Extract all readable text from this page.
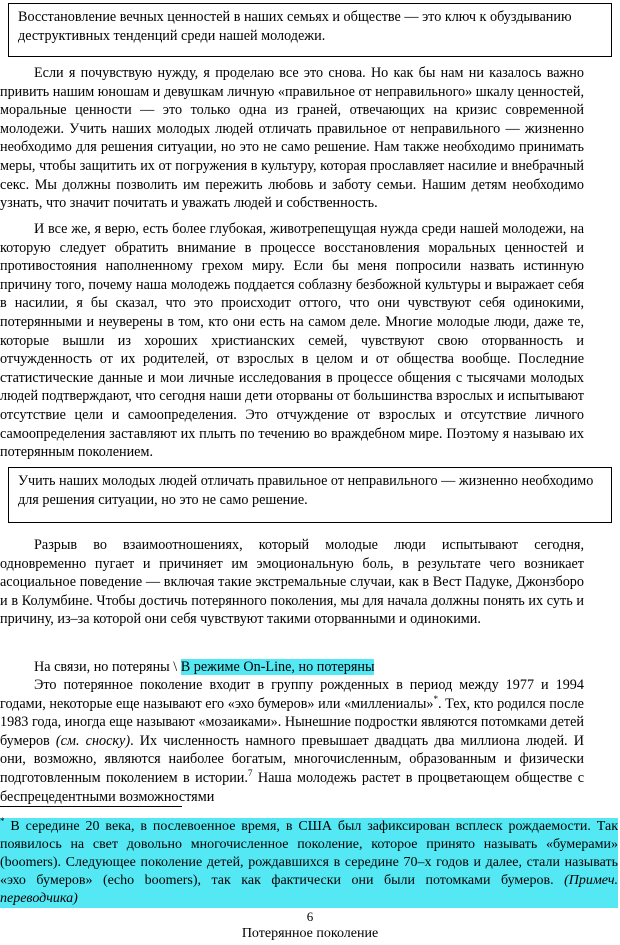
Восстановление вечных ценностей в наших семьях и обществе — это ключ к обуздыванию деструктивных тенденций среди нашей молодежи.

Если я почувствую нужду, я проделаю все это снова. Но как бы нам ни казалось важно привить нашим юношам и девушкам личную «правильное от неправильного» шкалу ценностей, моральные ценности — это только одна из граней, отвечающих на кризис современной молодежи. Учить наших молодых людей отличать правильное от неправильного — жизненно необходимо для решения ситуации, но это не само решение. Нам также необходимо принимать меры, чтобы защитить их от погружения в культуру, которая прославляет насилие и внебрачный секс. Мы должны позволить им пережить любовь и заботу семьи. Нашим детям необходимо узнать, что значит почитать и уважать людей и собственность.

И все же, я верю, есть более глубокая, животрепещущая нужда среди нашей молодежи, на которую следует обратить внимание в процессе восстановления моральных ценностей и противостояния наполненному грехом миру. Если бы меня попросили назвать истинную причину того, почему наша молодежь поддается соблазну безбожной культуры и выражает себя в насилии, я бы сказал, что это происходит оттого, что они чувствуют себя одинокими, потерянными и неуверены в том, кто они есть на самом деле. Многие молодые люди, даже те, которые вышли из хороших христианских семей, чувствуют свою оторванность и отчужденность от их родителей, от взрослых в целом и от общества вообще. Последние статистические данные и мои личные исследования в процессе общения с тысячами молодых людей подтверждают, что сегодня наши дети оторваны от большинства взрослых и испытывают отсутствие цели и самоопределения. Это отчуждение от взрослых и отсутствие личного самоопределения заставляют их плыть по течению во враждебном мире. Поэтому я называю их потерянным поколением.

Учить наших молодых людей отличать правильное от неправильного — жизненно необходимо для решения ситуации, но это не само решение.

Разрыв во взаимоотношениях, который молодые люди испытывают сегодня, одновременно пугает и причиняет им эмоциональную боль, в результате чего возникает асоциальное поведение — включая такие экстремальные случаи, как в Вест Падуке, Джонзборо и в Колумбине. Чтобы достичь потерянного поколения, мы для начала должны понять их суть и причину, из–за которой они себя чувствуют такими оторванными и одинокими.

На связи, но потеряны \ В режиме On-Line, но потеряны

Это потерянное поколение входит в группу рожденных в период между 1977 и 1994 годами, некоторые еще называют его «эхо бумеров» или «миллениалы»*. Тех, кто родился после 1983 года, иногда еще называют «мозаиками». Нынешние подростки являются потомками детей бумеров (см. сноску). Их численность намного превышает двадцать два миллиона людей. И они, возможно, являются наиболее богатым, многочисленным, образованным и физически подготовленным поколением в истории.$^7$ Наша молодежь растет в процветающем обществе с беспрецедентными возможностями

* В середине 20 века, в послевоенное время, в США был зафиксирован всплеск рождаемости. Так появилось на свет довольно многочисленное поколение, которое принято называть «бумерами» (boomers). Следующее поколение детей, рождавшихся в середине 70–х годов и далее, стали называть «эхо бумеров» (echo boomers), так как фактически они были потомками бумеров. (Примеч. переводчика)

6
Потерянное поколение
